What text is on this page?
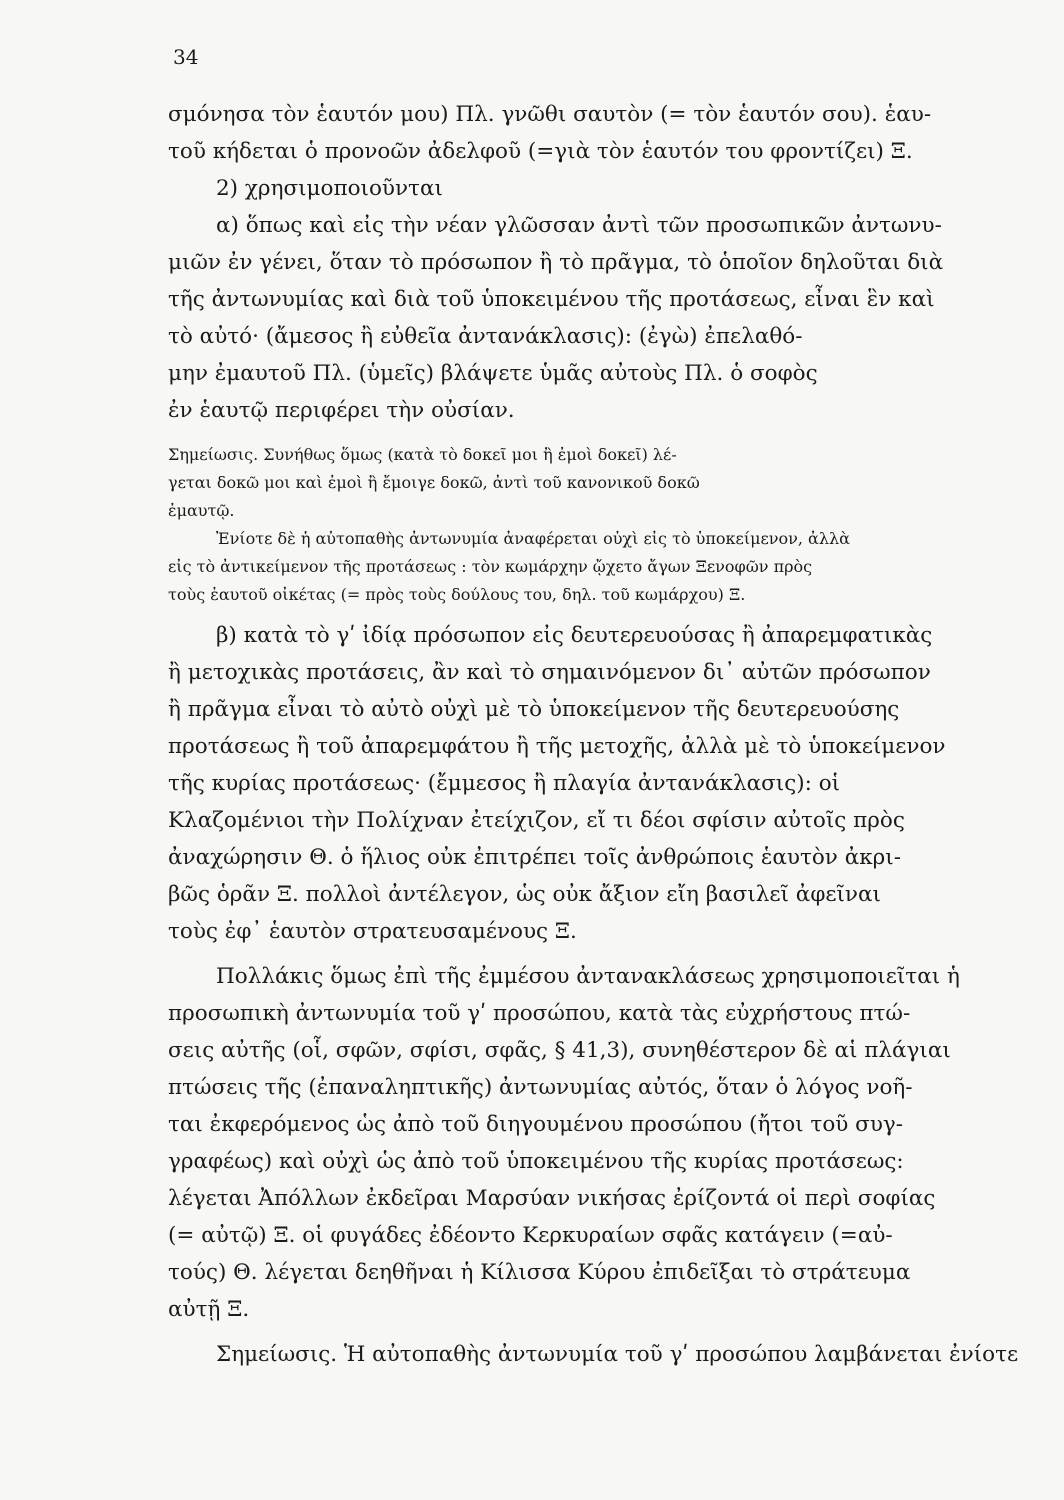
34
σμόνησα τὸν ἑαυτόν μου) Πλ. γνῶθι σαυτὸν (= τὸν ἑαυτόν σου). ἑαυ-
τοῦ κήδεται ὁ προνοῶν ἀδελφοῦ (=γιὰ τὸν ἑαυτόν του φροντίζει) Ξ.
2) χρησιμοποιοῦνται
α) ὅπως καὶ εἰς τὴν νέαν γλῶσσαν ἀντὶ τῶν προσωπικῶν ἀντωνυ-
μιῶν ἐν γένει, ὅταν τὸ πρόσωπον ἢ τὸ πρᾶγμα, τὸ ὁποῖον δηλοῦται διὰ
τῆς ἀντωνυμίας καὶ διὰ τοῦ ὑποκειμένου τῆς προτάσεως, εἶναι ἓν καὶ
τὸ αὐτό· (ἄμεσος ἢ εὐθεῖα ἀντανάκλασις): (ἐγὼ) ἐπελαθό-
μην ἐμαυτοῦ Πλ. (ὑμεῖς) βλάψετε ὑμᾶς αὐτοὺς Πλ. ὁ σοφὸς
ἐν ἑαυτῷ περιφέρει τὴν οὐσίαν.
Σημείωσις. Συνήθως ὅμως (κατὰ τὸ δοκεῖ μοι ἢ ἐμοὶ δοκεῖ) λέ-
γεται δοκῶ μοι καὶ ἐμοὶ ἢ ἔμοιγε δοκῶ, ἀντὶ τοῦ κανονικοῦ δοκῶ
ἐμαυτῷ.
Ἐνίοτε δὲ ἡ αὐτοπαθὴς ἀντωνυμία ἀναφέρεται οὐχὶ εἰς τὸ ὑποκείμενον, ἀλλὰ
εἰς τὸ ἀντικείμενον τῆς προτάσεως : τὸν κωμάρχην ᾤχετο ἄγων Ξενοφῶν πρὸς
τοὺς ἑαυτοῦ οἰκέτας (= πρὸς τοὺς δούλους του, δηλ. τοῦ κωμάρχου) Ξ.
β) κατὰ τὸ γʹ ἰδίᾳ πρόσωπον εἰς δευτερευούσας ἢ ἀπαρεμφατικὰς
ἢ μετοχικὰς προτάσεις, ἂν καὶ τὸ σημαινόμενον δι᾽ αὐτῶν πρόσωπον
ἢ πρᾶγμα εἶναι τὸ αὐτὸ οὐχὶ μὲ τὸ ὑποκείμενον τῆς δευτερευούσης
προτάσεως ἢ τοῦ ἀπαρεμφάτου ἢ τῆς μετοχῆς, ἀλλὰ μὲ τὸ ὑποκείμενον
τῆς κυρίας προτάσεως· (ἔμμεσος ἢ πλαγία ἀντανάκλασις): οἱ
Κλαζομένιοι τὴν Πολίχναν ἐτείχιζον, εἴ τι δέοι σφίσιν αὐτοῖς πρὸς
ἀναχώρησιν Θ. ὁ ἥλιος οὐκ ἐπιτρέπει τοῖς ἀνθρώποις ἑαυτὸν ἀκρι-
βῶς ὁρᾶν Ξ. πολλοὶ ἀντέλεγον, ὡς οὐκ ἄξιον εἴη βασιλεῖ ἀφεῖναι
τοὺς ἐφ᾽ ἑαυτὸν στρατευσαμένους Ξ.
Πολλάκις ὅμως ἐπὶ τῆς ἐμμέσου ἀντανακλάσεως χρησιμοποιεῖται ἡ
προσωπικὴ ἀντωνυμία τοῦ γʹ προσώπου, κατὰ τὰς εὐχρήστους πτώ-
σεις αὐτῆς (οἷ, σφῶν, σφίσι, σφᾶς, § 41,3), συνηθέστερον δὲ αἱ πλάγιαι
πτώσεις τῆς (ἐπαναληπτικῆς) ἀντωνυμίας αὐτός, ὅταν ὁ λόγος νοῆ-
ται ἐκφερόμενος ὡς ἀπὸ τοῦ διηγουμένου προσώπου (ἤτοι τοῦ συγ-
γραφέως) καὶ οὐχὶ ὡς ἀπὸ τοῦ ὑποκειμένου τῆς κυρίας προτάσεως:
λέγεται Ἀπόλλων ἐκδεῖραι Μαρσύαν νικήσας ἐρίζοντά οἱ περὶ σοφίας
(= αὐτῷ) Ξ. οἱ φυγάδες ἐδέοντο Κερκυραίων σφᾶς κατάγειν (=αὐ-
τούς) Θ. λέγεται δεηθῆναι ἡ Κίλισσα Κύρου ἐπιδεῖξαι τὸ στράτευμα
αὐτῇ Ξ.
Σημείωσις. Ἡ αὐτοπαθὴς ἀντωνυμία τοῦ γʹ προσώπου λαμβάνεται ἐνίοτε
